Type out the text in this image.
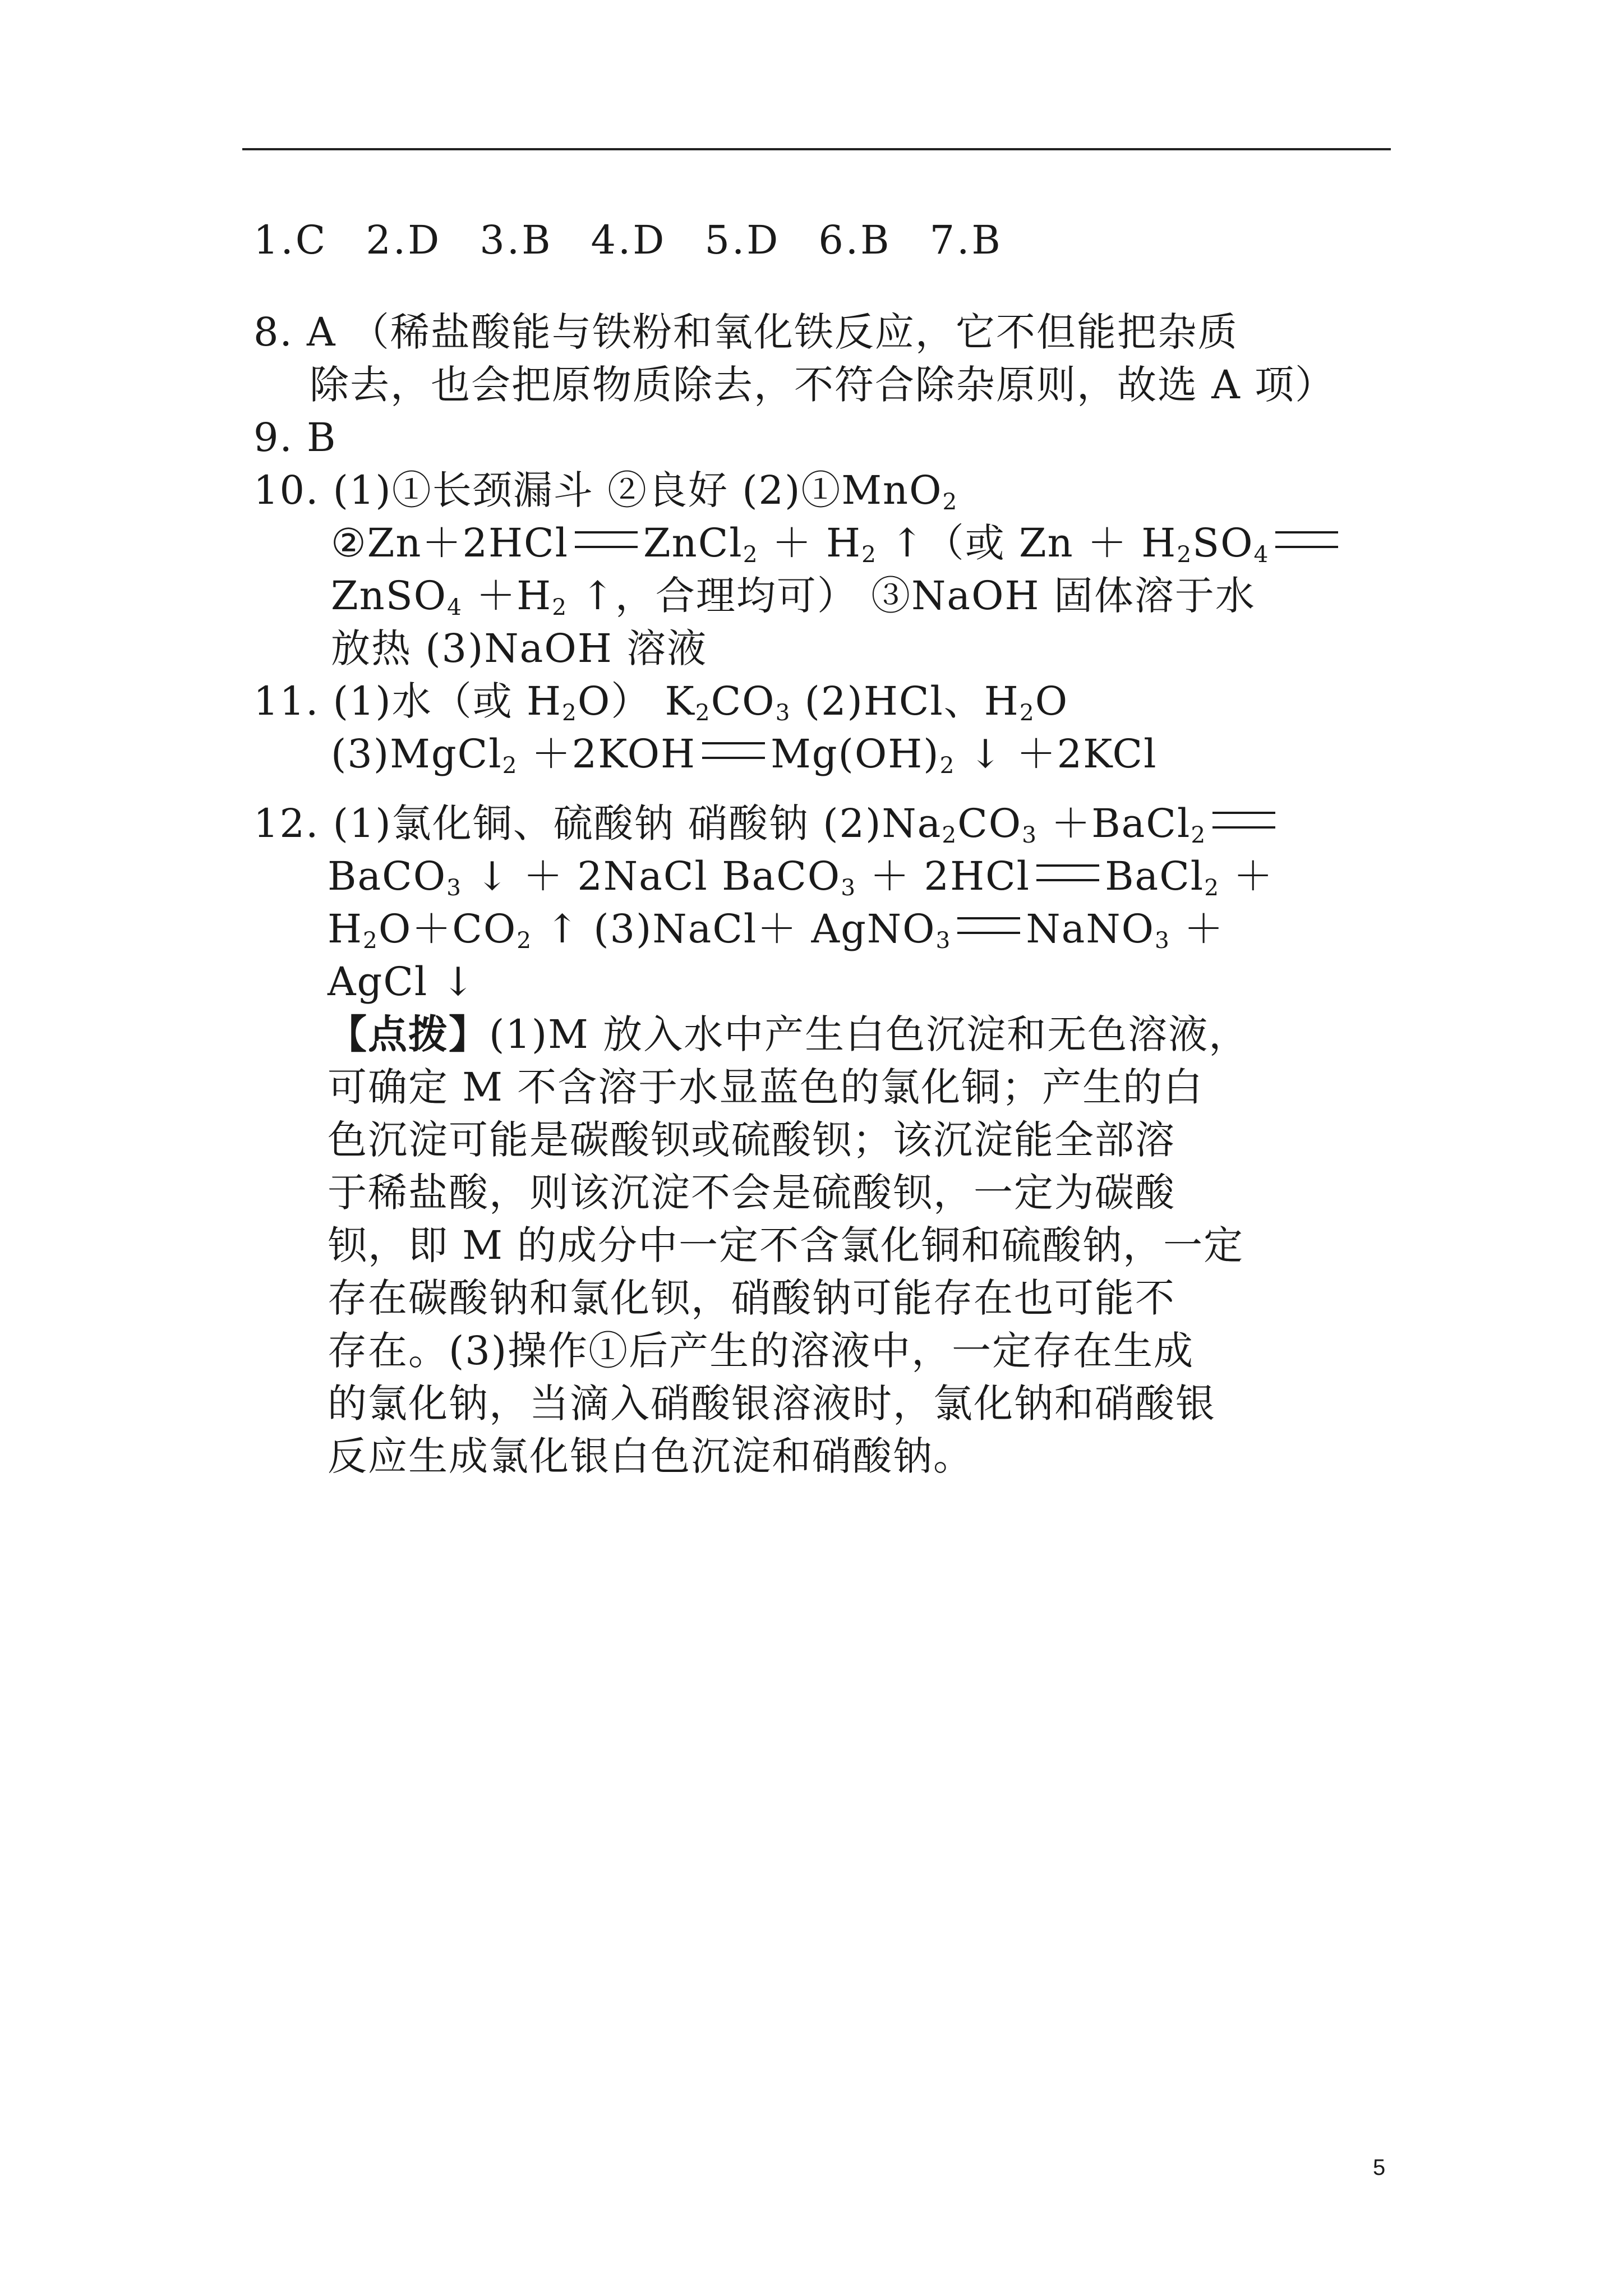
1.C 2.D 3.B 4.D 5.D 6.B 7.B
8. A （稀盐酸能与铁粉和氧化铁反应，它不但能把杂质
除去，也会把原物质除去，不符合除杂原则，故选 A 项）
9. B
10. (1)①长颈漏斗 ②良好 (2)①MnO$_2$
②Zn＋2HCl ZnCl$_2$ ＋ $H_2$ ↑（或 $Zn + H_2SO_4$
ZnSO$_4$ $+H_2$ ↑，合理均可） ③NaOH 固体溶于水
放热 (3)NaOH 溶液
11. (1)水（或 $H_2O$） $K_2CO_3$ (2)HCl、$H_2O$
(3)MgCl$_2$ ＋2KOH $Mg(OH)_2$ ↓ ＋2KCl
12. (1)氯化铜、硫酸钠 硝酸钠 $(2)Na_2CO_3$ ＋BaCl$_2$
BaCO$_3$ ↓ ＋ 2NaCl BaCO$_3$ ＋ 2HCl BaCl$_2$ ＋
$H_2O+CO_2$ ↑ (3)NaCl＋ AgNO$_3$ NaNO$_3$ ＋
AgCl ↓
【点拨】(1)M 放入水中产生白色沉淀和无色溶液，
可确定 M 不含溶于水显蓝色的氯化铜；产生的白
色沉淀可能是碳酸钡或硫酸钡；该沉淀能全部溶
于稀盐酸，则该沉淀不会是硫酸钡，一定为碳酸
钡，即 M 的成分中一定不含氯化铜和硫酸钠，一定
存在碳酸钠和氯化钡，硝酸钠可能存在也可能不
存在。(3)操作①后产生的溶液中，一定存在生成
的氯化钠，当滴入硝酸银溶液时，氯化钠和硝酸银
反应生成氯化银白色沉淀和硝酸钠。
5
